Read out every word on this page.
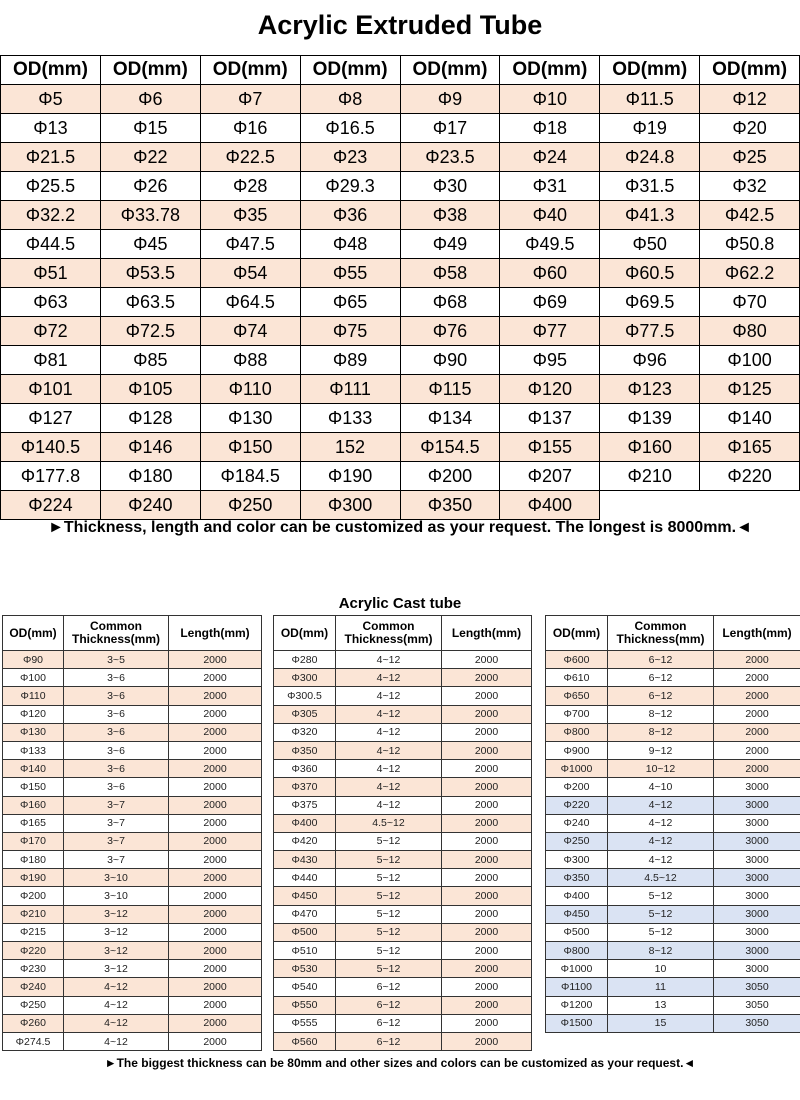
Acrylic Extruded Tube
OD(mm)	OD(mm)	OD(mm)	OD(mm)	OD(mm)	OD(mm)	OD(mm)	OD(mm)
Φ5	Φ6	Φ7	Φ8	Φ9	Φ10	Φ11.5	Φ12
Φ13	Φ15	Φ16	Φ16.5	Φ17	Φ18	Φ19	Φ20
Φ21.5	Φ22	Φ22.5	Φ23	Φ23.5	Φ24	Φ24.8	Φ25
Φ25.5	Φ26	Φ28	Φ29.3	Φ30	Φ31	Φ31.5	Φ32
Φ32.2	Φ33.78	Φ35	Φ36	Φ38	Φ40	Φ41.3	Φ42.5
Φ44.5	Φ45	Φ47.5	Φ48	Φ49	Φ49.5	Φ50	Φ50.8
Φ51	Φ53.5	Φ54	Φ55	Φ58	Φ60	Φ60.5	Φ62.2
Φ63	Φ63.5	Φ64.5	Φ65	Φ68	Φ69	Φ69.5	Φ70
Φ72	Φ72.5	Φ74	Φ75	Φ76	Φ77	Φ77.5	Φ80
Φ81	Φ85	Φ88	Φ89	Φ90	Φ95	Φ96	Φ100
Φ101	Φ105	Φ110	Φ111	Φ115	Φ120	Φ123	Φ125
Φ127	Φ128	Φ130	Φ133	Φ134	Φ137	Φ139	Φ140
Φ140.5	Φ146	Φ150	152	Φ154.5	Φ155	Φ160	Φ165
Φ177.8	Φ180	Φ184.5	Φ190	Φ200	Φ207	Φ210	Φ220
Φ224	Φ240	Φ250	Φ300	Φ350	Φ400		
►Thickness, length and color can be customized as your request. The longest is 8000mm.◄
Acrylic Cast tube
OD(mm)	Common Thickness(mm)	Length(mm)
Φ90	3~5	2000
Φ100	3~6	2000
Φ110	3~6	2000
Φ120	3~6	2000
Φ130	3~6	2000
Φ133	3~6	2000
Φ140	3~6	2000
Φ150	3~6	2000
Φ160	3~7	2000
Φ165	3~7	2000
Φ170	3~7	2000
Φ180	3~7	2000
Φ190	3~10	2000
Φ200	3~10	2000
Φ210	3~12	2000
Φ215	3~12	2000
Φ220	3~12	2000
Φ230	3~12	2000
Φ240	4~12	2000
Φ250	4~12	2000
Φ260	4~12	2000
Φ274.5	4~12	2000
OD(mm)	Common Thickness(mm)	Length(mm)
Φ280	4~12	2000
Φ300	4~12	2000
Φ300.5	4~12	2000
Φ305	4~12	2000
Φ320	4~12	2000
Φ350	4~12	2000
Φ360	4~12	2000
Φ370	4~12	2000
Φ375	4~12	2000
Φ400	4.5~12	2000
Φ420	5~12	2000
Φ430	5~12	2000
Φ440	5~12	2000
Φ450	5~12	2000
Φ470	5~12	2000
Φ500	5~12	2000
Φ510	5~12	2000
Φ530	5~12	2000
Φ540	6~12	2000
Φ550	6~12	2000
Φ555	6~12	2000
Φ560	6~12	2000
OD(mm)	Common Thickness(mm)	Length(mm)
Φ600	6~12	2000
Φ610	6~12	2000
Φ650	6~12	2000
Φ700	8~12	2000
Φ800	8~12	2000
Φ900	9~12	2000
Φ1000	10~12	2000
Φ200	4~10	3000
Φ220	4~12	3000
Φ240	4~12	3000
Φ250	4~12	3000
Φ300	4~12	3000
Φ350	4.5~12	3000
Φ400	5~12	3000
Φ450	5~12	3000
Φ500	5~12	3000
Φ800	8~12	3000
Φ1000	10	3000
Φ1100	11	3050
Φ1200	13	3050
Φ1500	15	3050
►The biggest thickness can be 80mm and other sizes and colors can be customized as your request.◄
